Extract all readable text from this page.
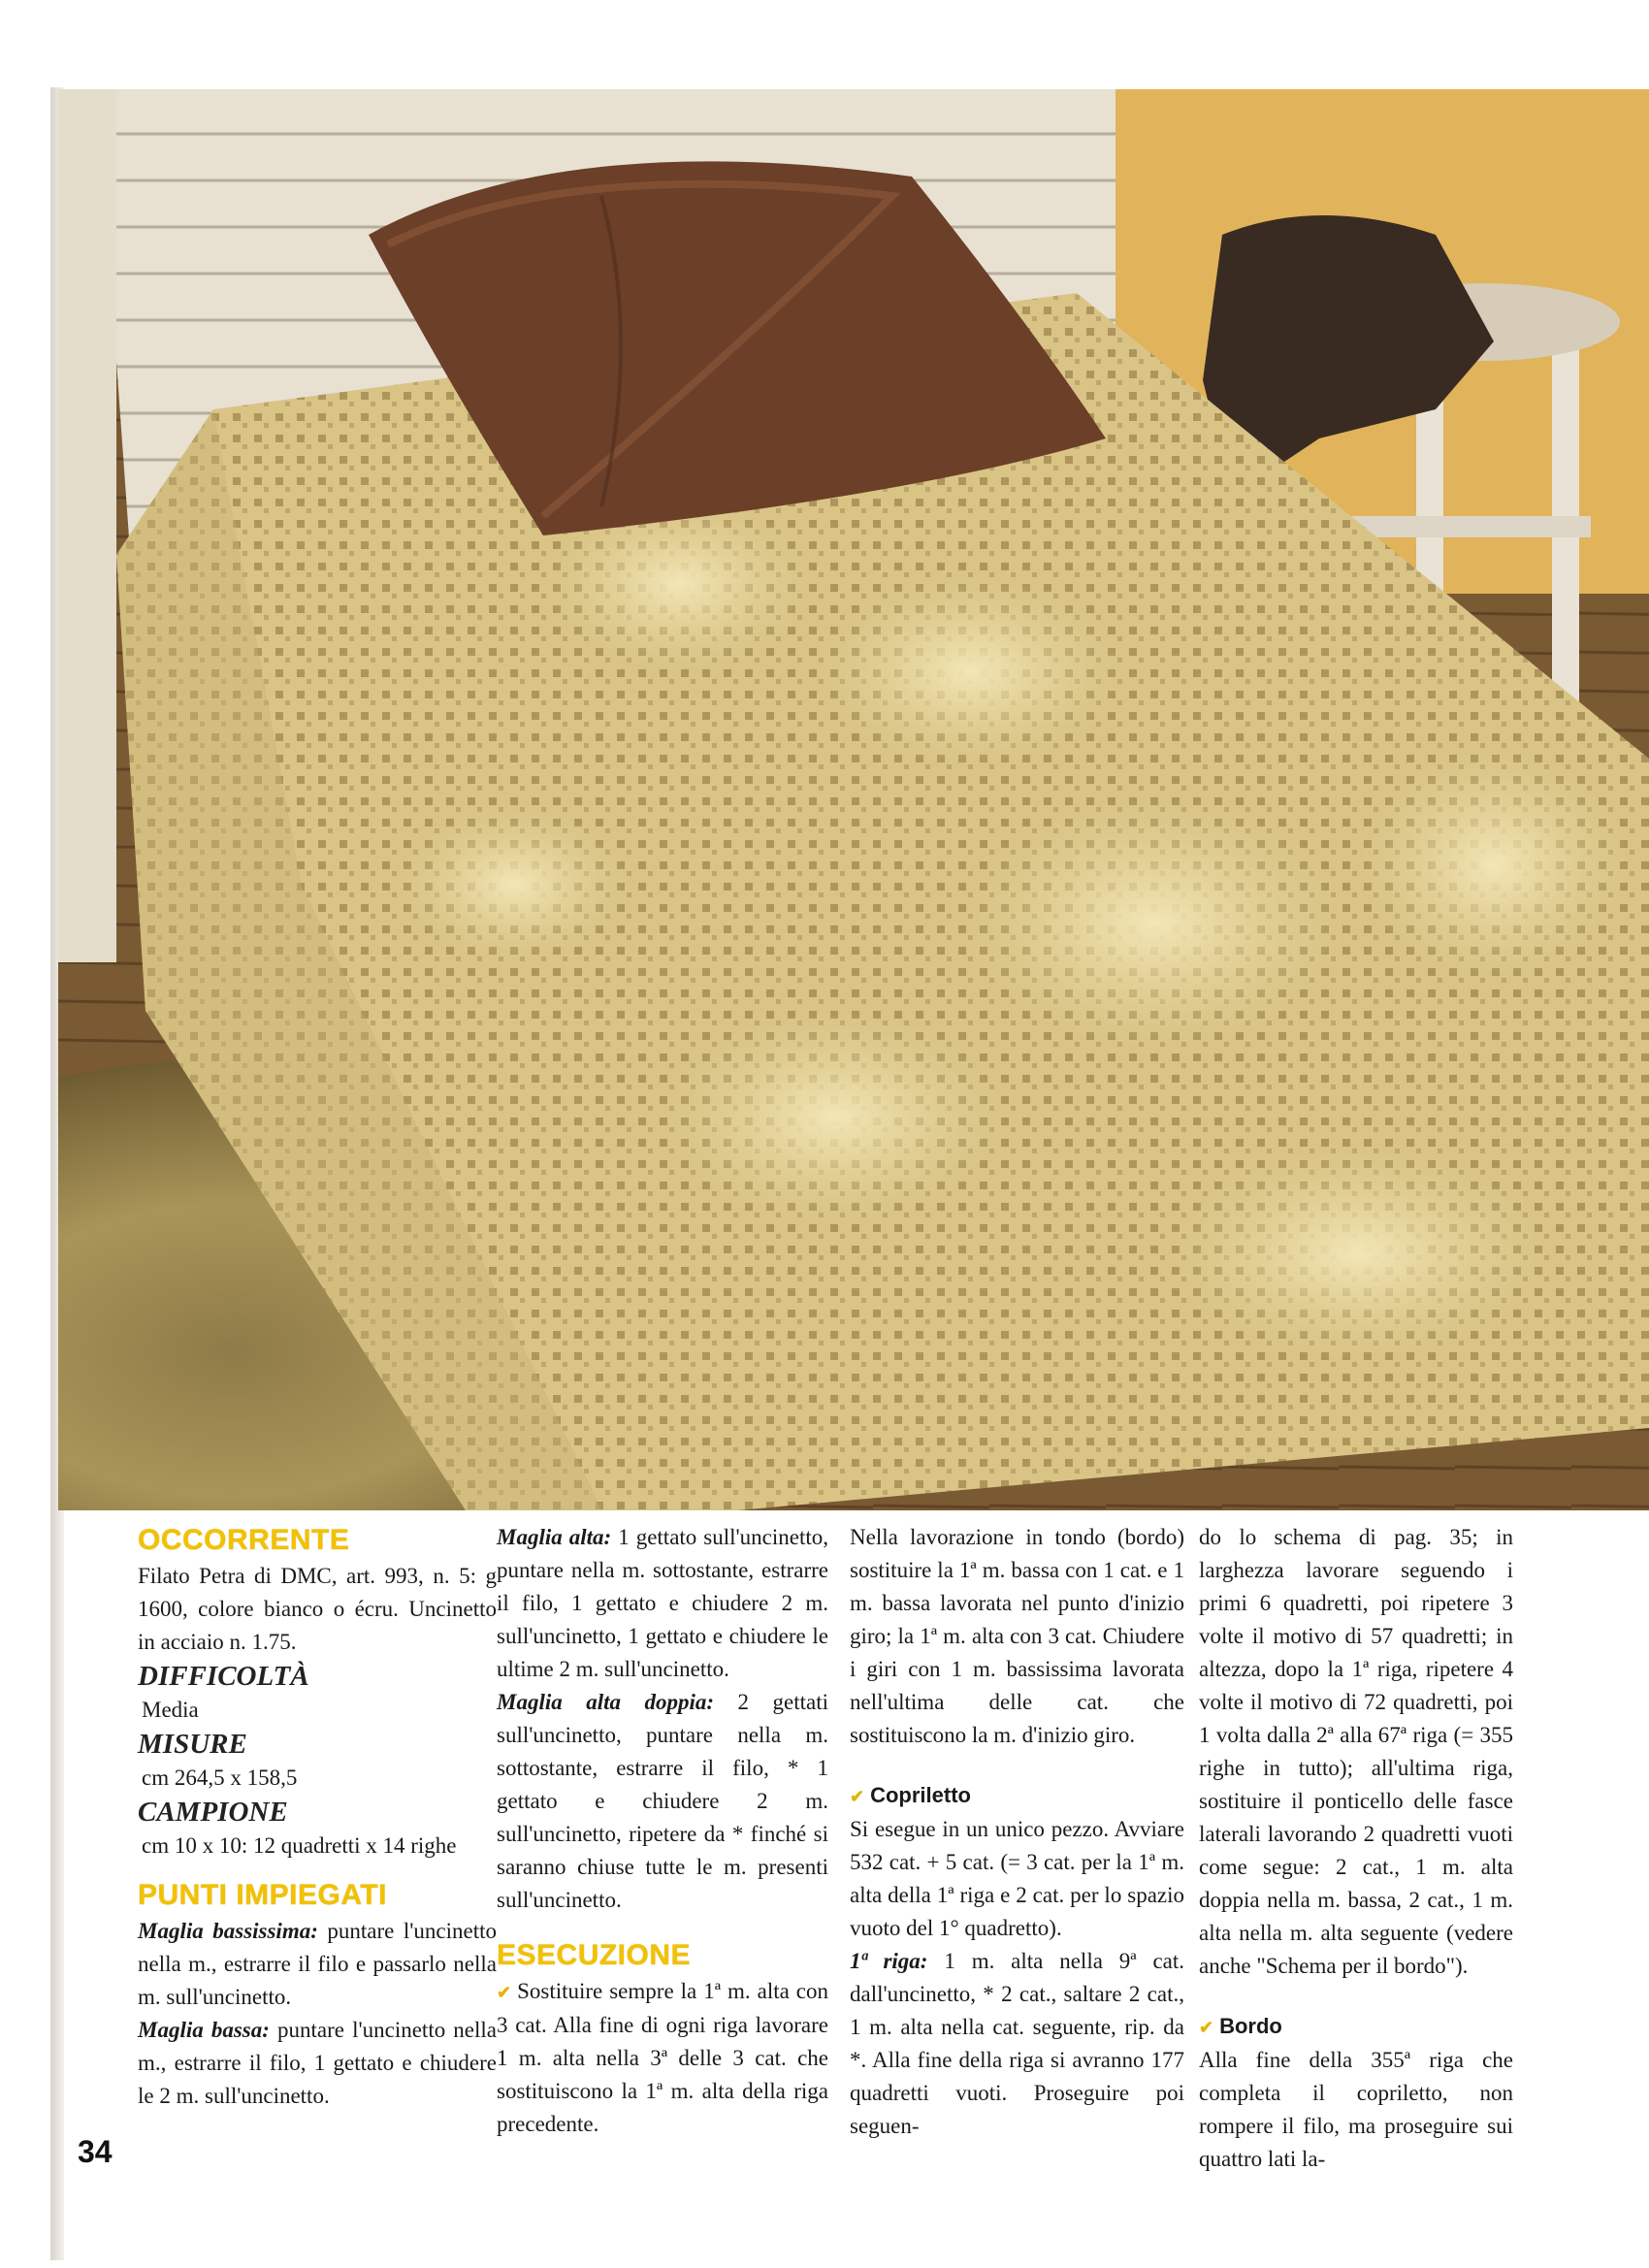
OCCORRENTE

Filato Petra di DMC, art. 993, n. 5: g 1600, colore bianco o écru. Uncinetto in acciaio n. 1.75.

DIFFICOLTÀ

Media

MISURE

cm 264,5 x 158,5

CAMPIONE

cm 10 x 10: 12 quadretti x 14 righe

PUNTI IMPIEGATI

Maglia bassissima: puntare l'uncinetto nella m., estrarre il filo e passarlo nella m. sull'uncinetto.

Maglia bassa: puntare l'uncinetto nella m., estrarre il filo, 1 gettato e chiudere le 2 m. sull'uncinetto.

Maglia alta: 1 gettato sull'uncinetto, puntare nella m. sottostante, estrarre il filo, 1 gettato e chiudere 2 m. sull'uncinetto, 1 gettato e chiudere le ultime 2 m. sull'uncinetto.

Maglia alta doppia: 2 gettati sull'uncinetto, puntare nella m. sottostante, estrarre il filo, * 1 gettato e chiudere 2 m. sull'uncinetto, ripetere da * finché si saranno chiuse tutte le m. presenti sull'uncinetto.

ESECUZIONE

✔ Sostituire sempre la 1ª m. alta con 3 cat. Alla fine di ogni riga lavorare 1 m. alta nella 3ª delle 3 cat. che sostituiscono la 1ª m. alta della riga precedente.

Nella lavorazione in tondo (bordo) sostituire la 1ª m. bassa con 1 cat. e 1 m. bassa lavorata nel punto d'inizio giro; la 1ª m. alta con 3 cat. Chiudere i giri con 1 m. bassissima lavorata nell'ultima delle cat. che sostituiscono la m. d'inizio giro.

✔ Copriletto

Si esegue in un unico pezzo. Avviare 532 cat. + 5 cat. (= 3 cat. per la 1ª m. alta della 1ª riga e 2 cat. per lo spazio vuoto del 1° quadretto).

1ª riga: 1 m. alta nella 9ª cat. dall'uncinetto, * 2 cat., saltare 2 cat., 1 m. alta nella cat. seguente, rip. da *. Alla fine della riga si avranno 177 quadretti vuoti. Proseguire poi seguen-

do lo schema di pag. 35; in larghezza lavorare seguendo i primi 6 quadretti, poi ripetere 3 volte il motivo di 57 quadretti; in altezza, dopo la 1ª riga, ripetere 4 volte il motivo di 72 quadretti, poi 1 volta dalla 2ª alla 67ª riga (= 355 righe in tutto); all'ultima riga, sostituire il ponticello delle fasce laterali lavorando 2 quadretti vuoti come segue: 2 cat., 1 m. alta doppia nella m. bassa, 2 cat., 1 m. alta nella m. alta seguente (vedere anche "Schema per il bordo").

✔ Bordo

Alla fine della 355ª riga che completa il copriletto, non rompere il filo, ma proseguire sui quattro lati la-

34
